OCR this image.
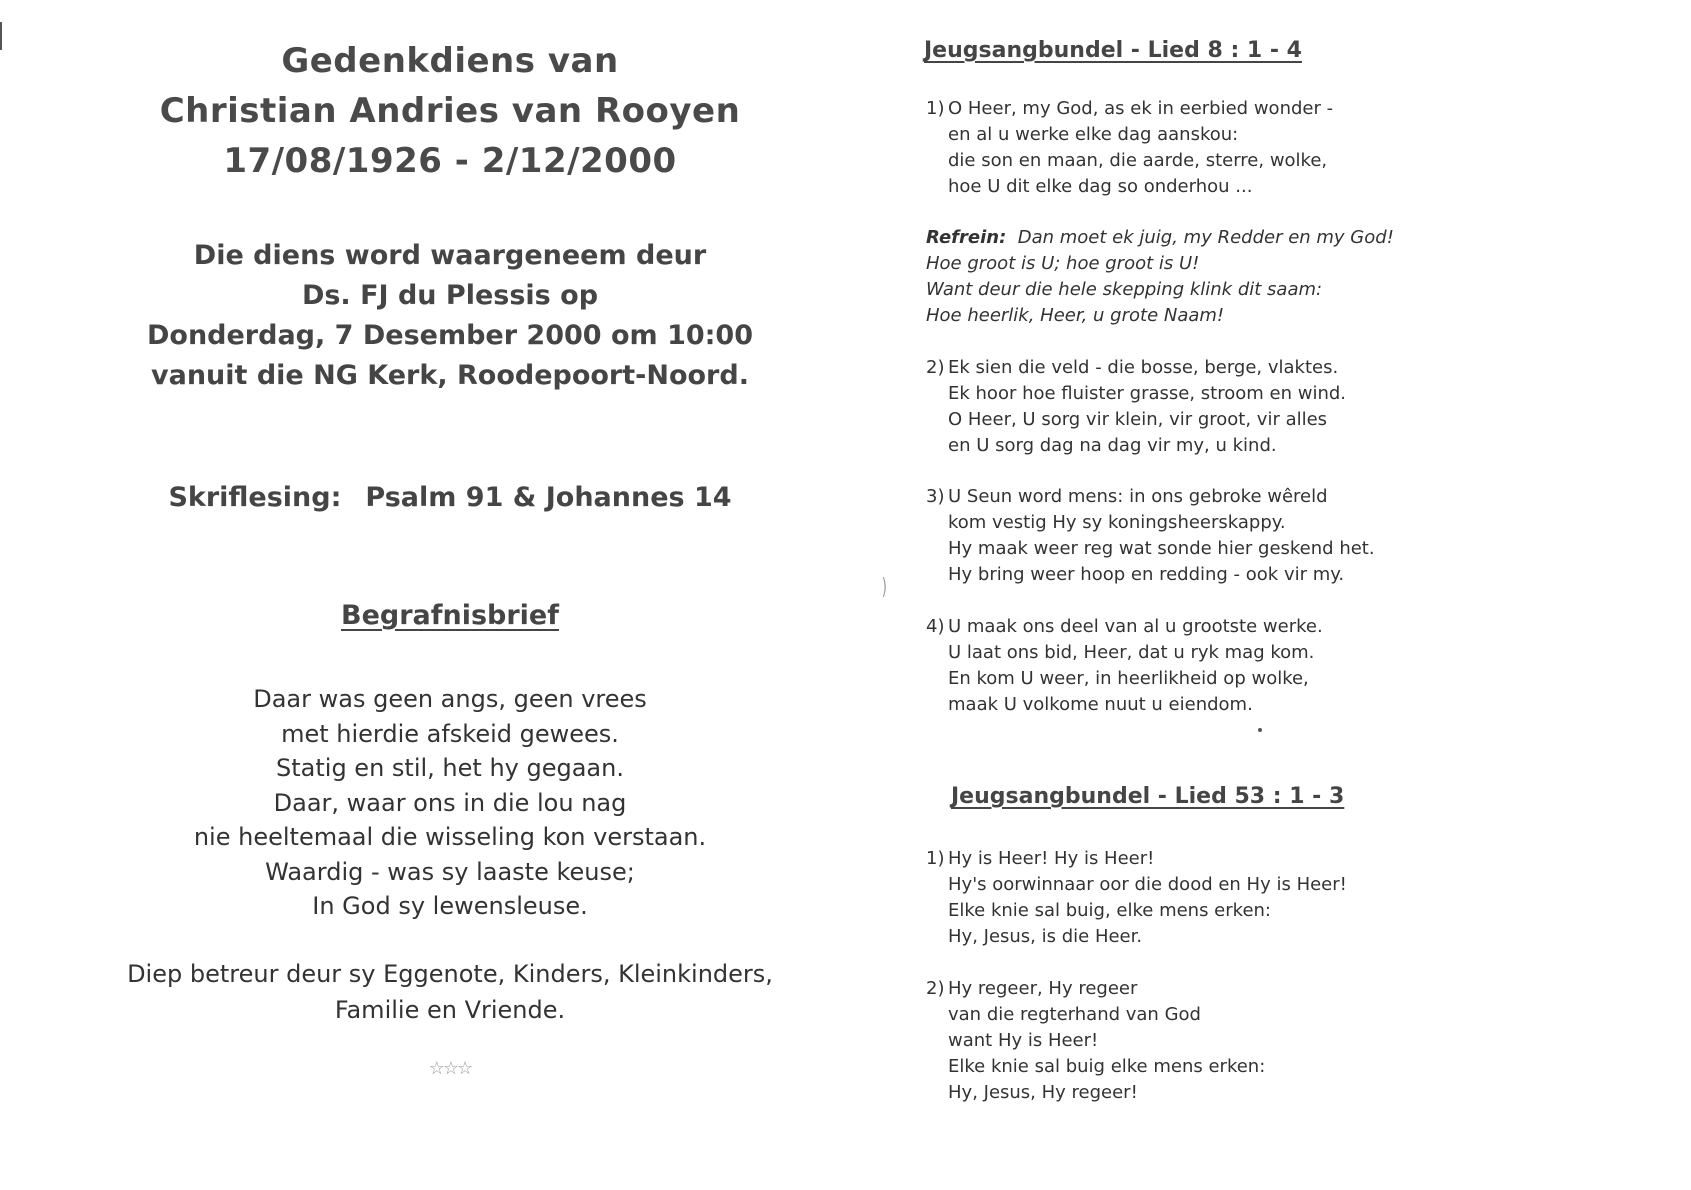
Gedenkdiens van
Christian Andries van Rooyen
17/08/1926 - 2/12/2000
Die diens word waargeneem deur
Ds. FJ du Plessis op
Donderdag, 7 Desember 2000 om 10:00
vanuit die NG Kerk, Roodepoort-Noord.
Skriflesing: Psalm 91 & Johannes 14
Begrafnisbrief
Daar was geen angs, geen vrees
met hierdie afskeid gewees.
Statig en stil, het hy gegaan.
Daar, waar ons in die lou nag
nie heeltemaal die wisseling kon verstaan.
Waardig - was sy laaste keuse;
In God sy lewensleuse.
Diep betreur deur sy Eggenote, Kinders, Kleinkinders,
Familie en Vriende.
☆☆☆
)
Jeugsangbundel - Lied 8 : 1 - 4
1) O Heer, my God, as ek in eerbied wonder -
en al u werke elke dag aanskou:
die son en maan, die aarde, sterre, wolke,
hoe U dit elke dag so onderhou ...
Refrein: Dan moet ek juig, my Redder en my God!
Hoe groot is U; hoe groot is U!
Want deur die hele skepping klink dit saam:
Hoe heerlik, Heer, u grote Naam!
2) Ek sien die veld - die bosse, berge, vlaktes.
Ek hoor hoe fluister grasse, stroom en wind.
O Heer, U sorg vir klein, vir groot, vir alles
en U sorg dag na dag vir my, u kind.
3) U Seun word mens: in ons gebroke wêreld
kom vestig Hy sy koningsheerskappy.
Hy maak weer reg wat sonde hier geskend het.
Hy bring weer hoop en redding - ook vir my.
4) U maak ons deel van al u grootste werke.
U laat ons bid, Heer, dat u ryk mag kom.
En kom U weer, in heerlikheid op wolke,
maak U volkome nuut u eiendom.
Jeugsangbundel - Lied 53 : 1 - 3
1) Hy is Heer! Hy is Heer!
Hy's oorwinnaar oor die dood en Hy is Heer!
Elke knie sal buig, elke mens erken:
Hy, Jesus, is die Heer.
2) Hy regeer, Hy regeer
van die regterhand van God
want Hy is Heer!
Elke knie sal buig elke mens erken:
Hy, Jesus, Hy regeer!
